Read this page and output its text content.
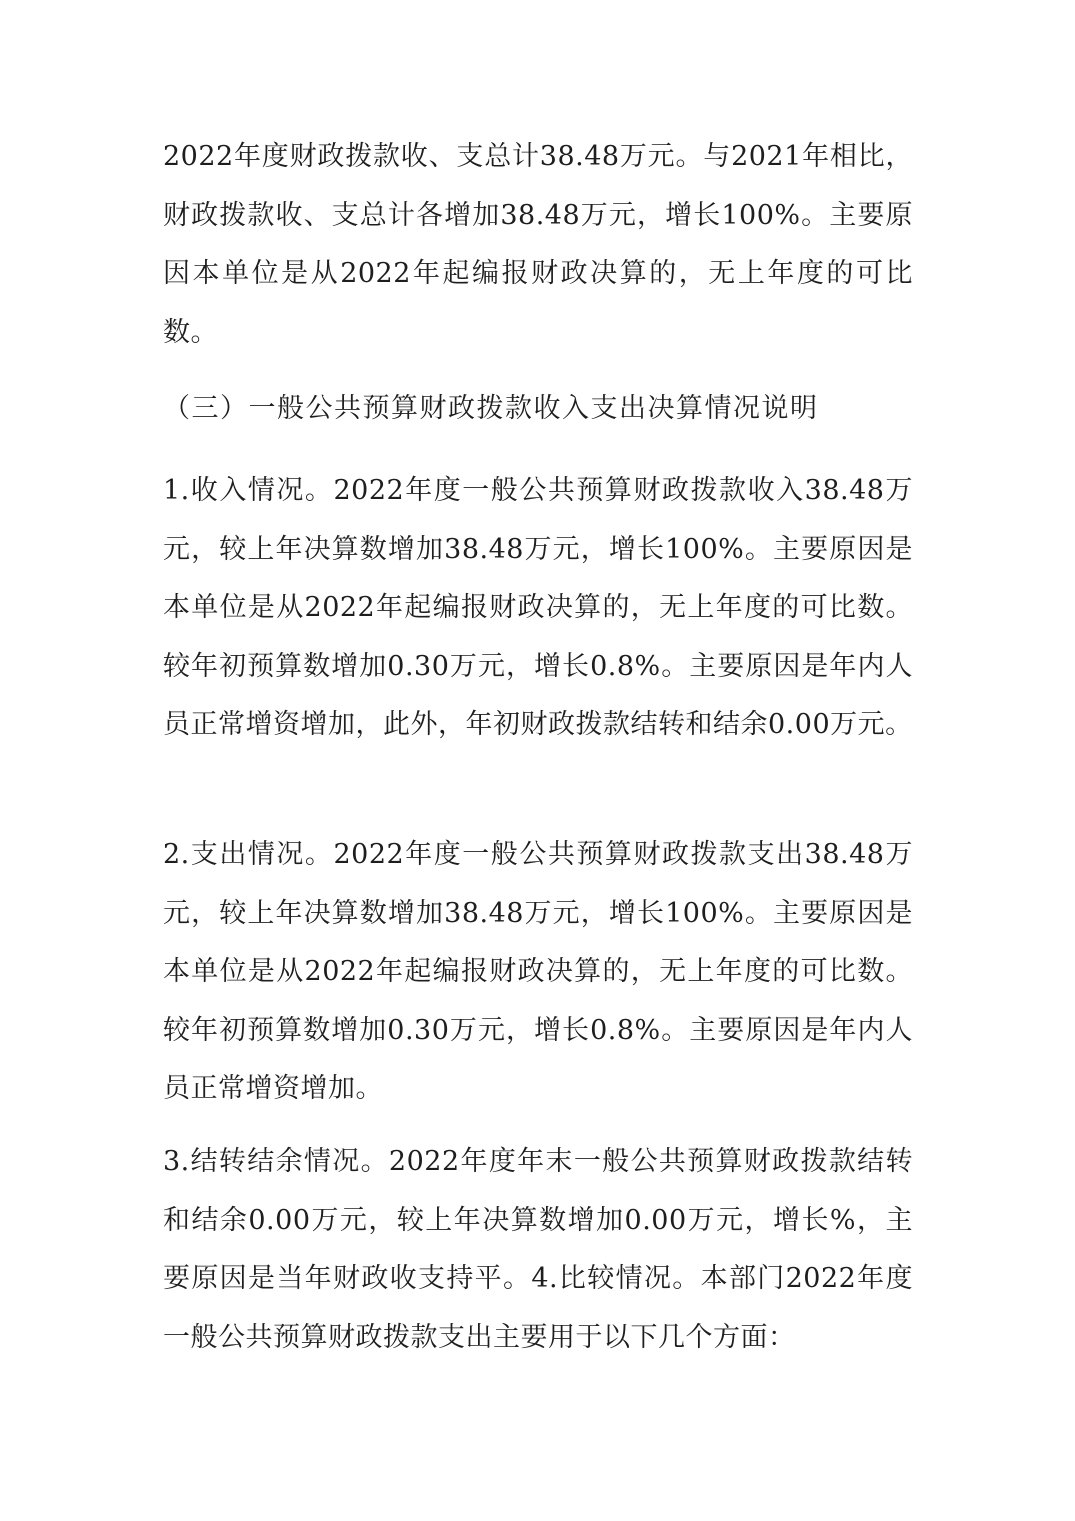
2022年度财政拨款收、支总计38.48万元。与2021年相比，财政拨款收、支总计各增加38.48万元，增长100%。主要原因本单位是从2022年起编报财政决算的，无上年度的可比数。

（三）一般公共预算财政拨款收入支出决算情况说明

1.收入情况。2022年度一般公共预算财政拨款收入38.48万元，较上年决算数增加38.48万元，增长100%。主要原因是本单位是从2022年起编报财政决算的，无上年度的可比数。较年初预算数增加0.30万元，增长0.8%。主要原因是年内人员正常增资增加，此外，年初财政拨款结转和结余0.00万元。

2.支出情况。2022年度一般公共预算财政拨款支出38.48万元，较上年决算数增加38.48万元，增长100%。主要原因是本单位是从2022年起编报财政决算的，无上年度的可比数。较年初预算数增加0.30万元，增长0.8%。主要原因是年内人员正常增资增加。

3.结转结余情况。2022年度年末一般公共预算财政拨款结转和结余0.00万元，较上年决算数增加0.00万元，增长%，主要原因是当年财政收支持平。4.比较情况。本部门2022年度一般公共预算财政拨款支出主要用于以下几个方面：
